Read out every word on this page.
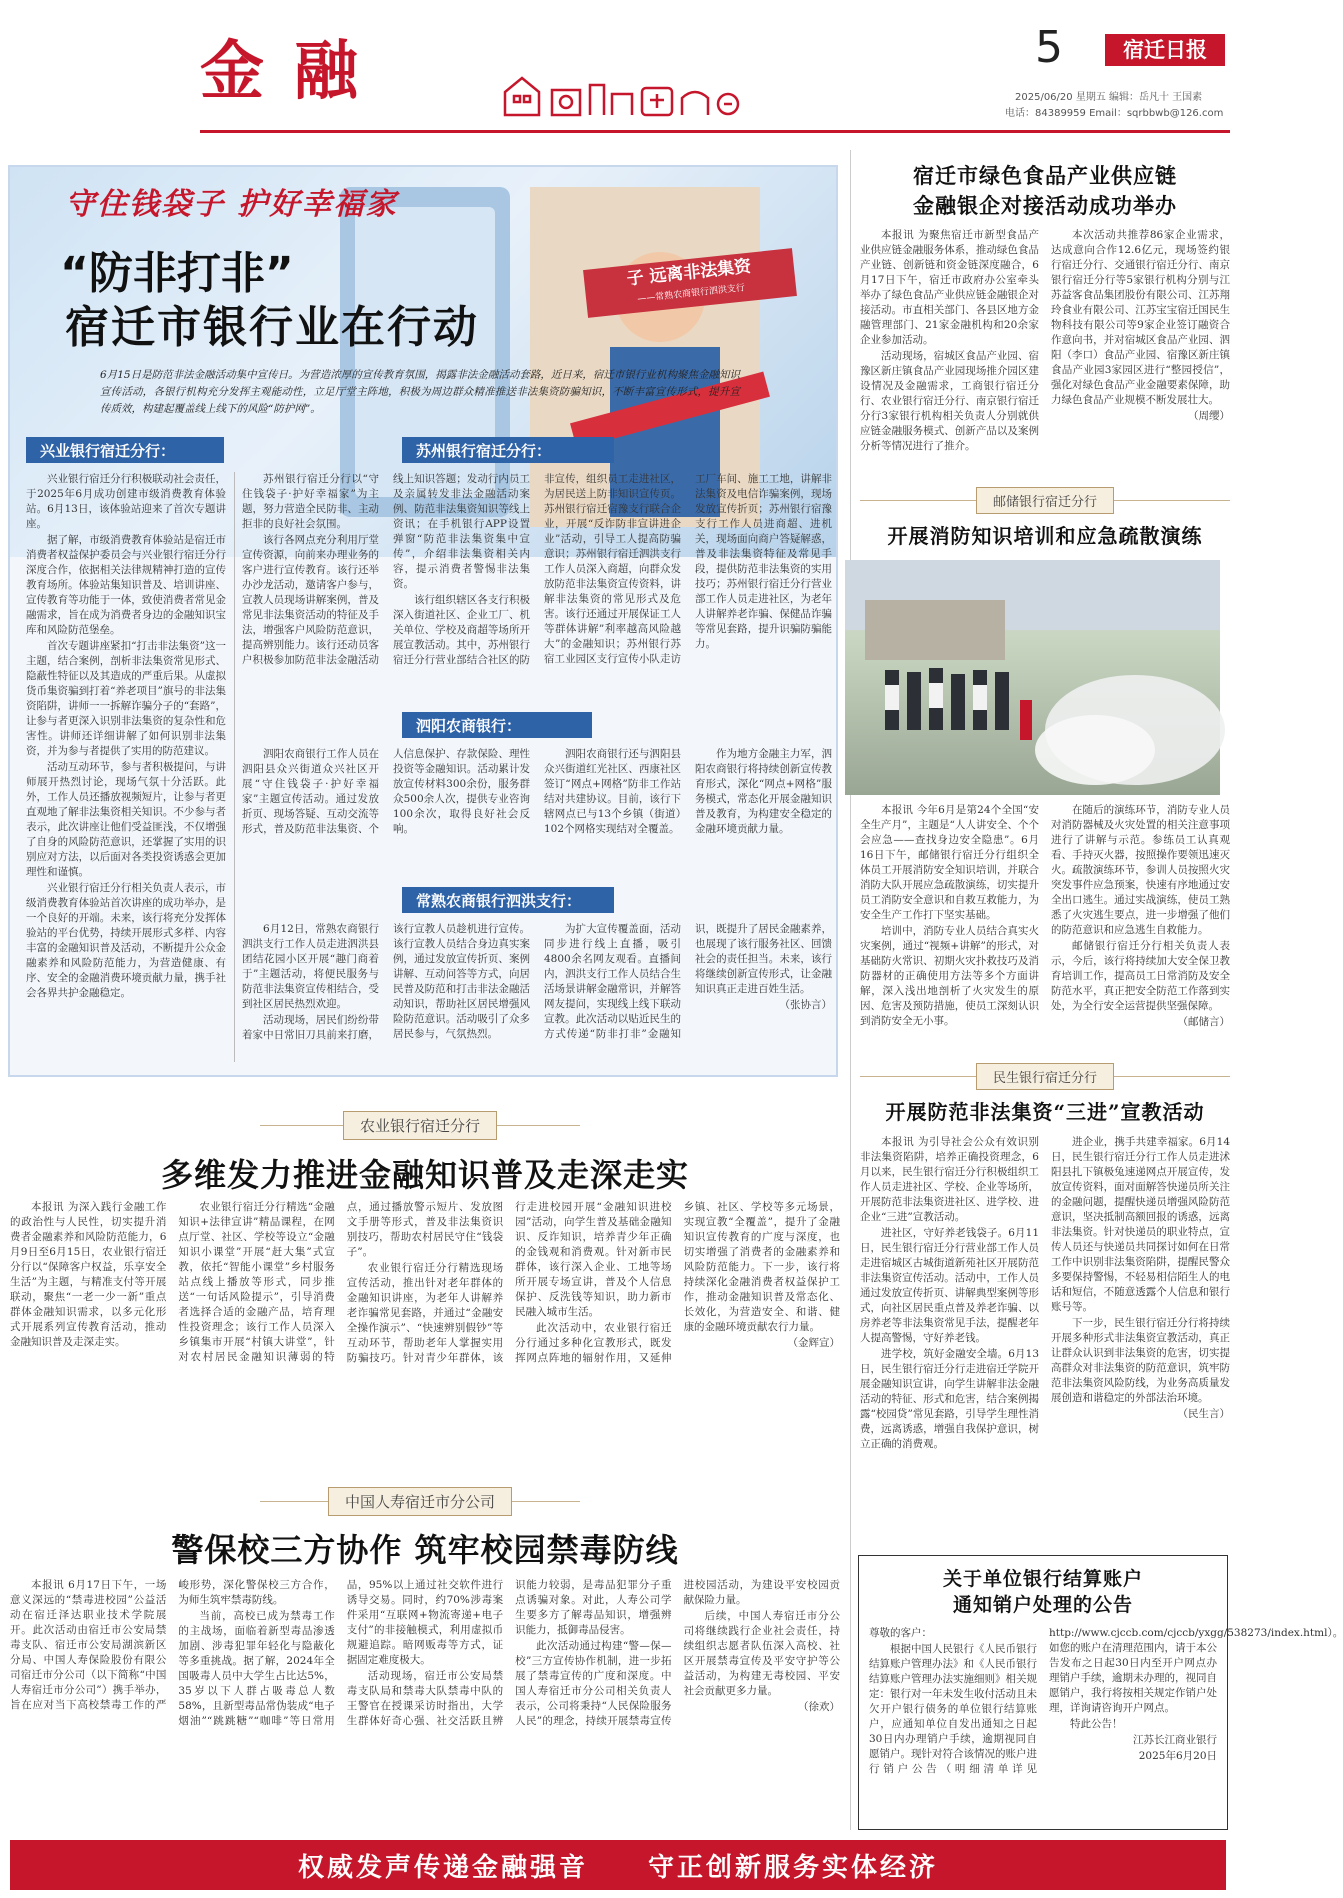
金融	5	宿迁日报
2025/06/20 星期五 编辑：岳凡十 王国素
电话：84389959 Email：sqrbbwb@126.com
守住钱袋子 护好幸福家
“防非打非”
宿迁市银行业在行动
子 远离非法集资
——常熟农商银行泗洪支行
6月15日是防范非法金融活动集中宣传日。为营造浓厚的宣传教育氛围，揭露非法金融活动套路，近日来，宿迁市银行业机构聚焦金融知识宣传活动，各银行机构充分发挥主观能动性，立足厅堂主阵地，积极为周边群众精准推送非法集资防骗知识，不断丰富宣传形式，提升宣传质效，构建起覆盖线上线下的风险“防护网”。
兴业银行宿迁分行：	苏州银行宿迁分行：
泗阳农商银行：
常熟农商银行泗洪支行：

兴业银行宿迁分行积极联动社会责任，于2025年6月成功创建市级消费教育体验站。6月13日，该体验站迎来了首次专题讲座。

据了解，市级消费教育体验站是宿迁市消费者权益保护委员会与兴业银行宿迁分行深度合作，依据相关法律规精神打造的宣传教育场所。体验站集知识普及、培训讲座、宣传教育等功能于一体，致使消费者常见金融需求，旨在成为消费者身边的金融知识宝库和风险防范堡垒。

首次专题讲座紧扣“打击非法集资”这一主题，结合案例，剖析非法集资常见形式、隐蔽性特征以及其造成的严重后果。从虚拟货币集资骗到打着“养老项目”旗号的非法集资陷阱，讲师一一拆解诈骗分子的“套路”，让参与者更深入识别非法集资的复杂性和危害性。讲师还详细讲解了如何识别非法集资，并为参与者提供了实用的防范建议。

活动互动环节，参与者积极提问，与讲师展开热烈讨论，现场气氛十分活跃。此外，工作人员还播放视频短片，让参与者更直观地了解非法集资相关知识。不少参与者表示，此次讲座让他们受益匪浅，不仅增强了自身的风险防范意识，还掌握了实用的识别应对方法，以后面对各类投资诱惑会更加理性和谨慎。

兴业银行宿迁分行相关负责人表示，市级消费教育体验站首次讲座的成功举办，是一个良好的开端。未来，该行将充分发挥体验站的平台优势，持续开展形式多样、内容丰富的金融知识普及活动，不断提升公众金融素养和风险防范能力，为营造健康、有序、安全的金融消费环境贡献力量，携手社会各界共护金融稳定。

苏州银行宿迁分行以“守住钱袋子·护好幸福家”为主题，努力营造全民防非、主动拒非的良好社会氛围。

该行各网点充分利用厅堂宣传资源，向前来办理业务的客户进行宣传教育。该行还举办沙龙活动，邀请客户参与，宣教人员现场讲解案例，普及常见非法集资活动的特征及手法，增强客户风险防范意识，提高辨别能力。该行还动员客户积极参加防范非法金融活动线上知识答题；发动行内员工及亲属转发非法金融活动案例、防范非法集资知识等线上资讯；在手机银行APP设置弹窗“防范非法集资集中宣传”，介绍非法集资相关内容，提示消费者警惕非法集资。

该行组织辖区各支行积极深入街道社区、企业工厂、机关单位、学校及商超等场所开展宣教活动。其中，苏州银行宿迁分行营业部结合社区的防非宣传，组织员工走进社区，为居民送上防非知识宣传页。苏州银行宿迁宿豫支行联合企业，开展“反诈防非宣讲进企业”活动，引导工人提高防骗意识；苏州银行宿迁泗洪支行工作人员深入商超，向群众发放防范非法集资宣传资料，讲解非法集资的常见形式及危害。该行还通过开展保证工人等群体讲解”利率越高风险越大”的金融知识；苏州银行苏宿工业园区支行宣传小队走访工厂车间、施工工地，讲解非法集资及电信诈骗案例，现场发放宣传折页；苏州银行宿豫支行工作人员进商超、进机关，现场面向商户答疑解惑，普及非法集资特征及常见手段，提供防范非法集资的实用技巧；苏州银行宿迁分行营业部工作人员走进社区，为老年人讲解养老诈骗、保健品诈骗等常见套路，提升识骗防骗能力。

泗阳农商银行工作人员在泗阳县众兴街道众兴社区开展“守住钱袋子·护好幸福家”主题宣传活动。通过发放折页、现场答疑、互动交流等形式，普及防范非法集资、个人信息保护、存款保险、理性投资等金融知识。活动累计发放宣传材料300余份，服务群众500余人次，提供专业咨询100余次，取得良好社会反响。

泗阳农商银行还与泗阳县众兴街道红光社区、西康社区签订“网点+网格”防非工作站结对共建协议。目前，该行下辖网点已与13个乡镇（街道）102个网格实现结对全覆盖。

作为地方金融主力军，泗阳农商银行将持续创新宣传教育形式，深化“网点+网格”服务模式，常态化开展金融知识普及教育，为构建安全稳定的金融环境贡献力量。

6月12日，常熟农商银行泗洪支行工作人员走进泗洪县团结花园小区开展“趣门商着于”主题活动，将便民服务与防范非法集资宣传相结合，受到社区居民热烈欢迎。

活动现场，居民们纷纷带着家中日常旧刀具前来打磨，该行宣教人员趁机进行宣传。该行宣教人员结合身边真实案例，通过发放宣传折页、案例讲解、互动问答等方式，向居民普及防范和打击非法金融活动知识，帮助社区居民增强风险防范意识。活动吸引了众多居民参与，气氛热烈。

为扩大宣传覆盖面，活动同步进行线上直播，吸引4800余名网友观看。直播间内，泗洪支行工作人员结合生活场景讲解金融常识，并解答网友提问，实现线上线下联动宣教。此次活动以贴近民生的方式传递“防非打非”金融知识，既提升了居民金融素养，也展现了该行服务社区、回馈社会的责任担当。未来，该行将继续创新宣传形式，让金融知识真正走进百姓生活。

（张协言）

农业银行宿迁分行
多维发力推进金融知识普及走深走实

本报讯 为深入践行金融工作的政治性与人民性，切实提升消费者金融素养和风险防范能力，6月9日至6月15日，农业银行宿迁分行以“保障客户权益，乐享安全生活”为主题，与精准支付等开展联动，聚焦“一老一少一新”重点群体金融知识需求，以多元化形式开展系列宣传教育活动，推动金融知识普及走深走实。

农业银行宿迁分行精选“金融知识+法律宣讲”精品课程，在网点厅堂、社区、学校等设立“金融知识小课堂”开展“赶大集”式宣教，依托“智能小课堂”乡村服务站点线上播放等形式，同步推送“一句话风险提示”，引导消费者选择合适的金融产品，培育理性投资理念；该行工作人员深入乡镇集市开展“村镇大讲堂”，针对农村居民金融知识薄弱的特点，通过播放警示短片、发放图文手册等形式，普及非法集资识别技巧，帮助农村居民守住“钱袋子”。

农业银行宿迁分行精选现场宣传活动，推出针对老年群体的金融知识讲座，为老年人讲解养老诈骗常见套路，并通过“金融安全操作演示”、“快速辨别假钞”等互动环节，帮助老年人掌握实用防骗技巧。针对青少年群体，该行走进校园开展“金融知识进校园”活动，向学生普及基础金融知识、反诈知识，培养青少年正确的金钱观和消费观。针对新市民群体，该行深入企业、工地等场所开展专场宣讲，普及个人信息保护、反洗钱等知识，助力新市民融入城市生活。

此次活动中，农业银行宿迁分行通过多种化宣教形式，既发挥网点阵地的辐射作用，又延伸乡镇、社区、学校等多元场景，实现宣教“全覆盖”，提升了金融知识宣传教育的广度与深度，也切实增强了消费者的金融素养和风险防范能力。下一步，该行将持续深化金融消费者权益保护工作，推动金融知识普及常态化、长效化，为营造安全、和谐、健康的金融环境贡献农行力量。

（金辉宣）

中国人寿宿迁市分公司
警保校三方协作 筑牢校园禁毒防线

本报讯 6月17日下午，一场意义深远的“禁毒进校园”公益活动在宿迁泽达职业技术学院展开。此次活动由宿迁市公安局禁毒支队、宿迁市公安局湖滨新区分局、中国人寿保险股份有限公司宿迁市分公司（以下简称“中国人寿宿迁市分公司”）携手举办，旨在应对当下高校禁毒工作的严峻形势，深化警保校三方合作，为师生筑牢禁毒防线。

当前，高校已成为禁毒工作的主战场，面临着新型毒品渗透加剧、涉毒犯罪年轻化与隐蔽化等多重挑战。据了解，2024年全国吸毒人员中大学生占比达5%，35岁以下人群占吸毒总人数58%，且新型毒品常伪装成“电子烟油”“跳跳糖”“咖啡”等日常用品，95%以上通过社交软件进行诱导交易。同时，约70%涉毒案件采用“互联网+物流寄递+电子支付”的非接触模式，利用虚拟币规避追踪。暗网贩毒等方式，证据固定难度极大。

活动现场，宿迁市公安局禁毒支队局和禁毒大队禁毒中队的王警官在授课采访时指出，大学生群体好奇心强、社交活跃且辨识能力较弱，是毒品犯罪分子重点诱骗对象。对此，人寿公司学生要多方了解毒品知识，增强辨识能力，抵御毒品侵害。

此次活动通过构建“警—保—校”三方宣传协作机制，进一步拓展了禁毒宣传的广度和深度。中国人寿宿迁市分公司相关负责人表示，公司将秉持“人民保险服务人民”的理念，持续开展禁毒宣传进校园活动，为建设平安校园贡献保险力量。

后续，中国人寿宿迁市分公司将继续践行企业社会责任，持续组织志愿者队伍深入高校、社区开展禁毒宣传及平安守护等公益活动，为构建无毒校园、平安社会贡献更多力量。

（徐欢）

宿迁市绿色食品产业供应链
金融银企对接活动成功举办

本报讯 为聚焦宿迁市新型食品产业供应链金融服务体系，推动绿色食品产业链、创新链和资金链深度融合，6月17日下午，宿迁市政府办公室牵头举办了绿色食品产业供应链金融银企对接活动。市直相关部门、各县区地方金融管理部门、21家金融机构和20余家企业参加活动。

活动现场，宿城区食品产业园、宿豫区新庄镇食品产业园现场推介园区建设情况及金融需求，工商银行宿迁分行、农业银行宿迁分行、南京银行宿迁分行3家银行机构相关负责人分别就供应链金融服务模式、创新产品以及案例分析等情况进行了推介。

本次活动共推荐86家企业需求，达成意向合作12.6亿元，现场签约银行宿迁分行、交通银行宿迁分行、南京银行宿迁分行等5家银行机构分别与江苏益客食品集团股份有限公司、江苏翔玲食业有限公司、江苏宝宝宿迁国民生物科技有限公司等9家企业签订融资合作意向书，并对宿城区食品产业园、泗阳（李口）食品产业园、宿豫区新庄镇食品产业园3家园区进行“整园授信”，强化对绿色食品产业金融要素保障，助力绿色食品产业规模不断发展壮大。

（周缨）

邮储银行宿迁分行
开展消防知识培训和应急疏散演练

本报讯 今年6月是第24个全国“安全生产月”，主题是“人人讲安全、个个会应急——查找身边安全隐患”。6月16日下午，邮储银行宿迁分行组织全体员工开展消防安全知识培训，并联合消防大队开展应急疏散演练，切实提升员工消防安全意识和自救互救能力，为安全生产工作打下坚实基础。

培训中，消防专业人员结合真实火灾案例，通过“视频+讲解”的形式，对基础防火常识、初期火灾扑救技巧及消防器材的正确使用方法等多个方面讲解，深入浅出地剖析了火灾发生的原因、危害及预防措施，使员工深刻认识到消防安全无小事。

在随后的演练环节，消防专业人员对消防器械及火灾处置的相关注意事项进行了讲解与示范。参练员工认真观看、手持灭火器，按照操作要领迅速灭火。疏散演练环节，参训人员按照火灾突发事件应急预案，快速有序地通过安全出口逃生。通过实战演练，使员工熟悉了火灾逃生要点，进一步增强了他们的防范意识和应急逃生自救能力。

邮储银行宿迁分行相关负责人表示，今后，该行将持续加大安全保卫教育培训工作，提高员工日常消防及安全防范水平，真正把安全防范工作落到实处，为全行安全运营提供坚强保障。

（邮储言）

民生银行宿迁分行
开展防范非法集资“三进”宣教活动

本报讯 为引导社会公众有效识别非法集资陷阱，培养正确投资理念，6月以来，民生银行宿迁分行积极组织工作人员走进社区、学校、企业等场所，开展防范非法集资进社区、进学校、进企业“三进”宣教活动。

进社区，守好养老钱袋子。6月11日，民生银行宿迁分行营业部工作人员走进宿城区古城街道新苑社区开展防范非法集资宣传活动。活动中，工作人员通过发放宣传折页、讲解典型案例等形式，向社区居民重点普及养老诈骗、以房养老等非法集资常见手法，提醒老年人提高警惕，守好养老钱。

进学校，筑好金融安全墙。6月13日，民生银行宿迁分行走进宿迁学院开展金融知识宣讲，向学生讲解非法金融活动的特征、形式和危害，结合案例揭露“校园贷”常见套路，引导学生理性消费，远离诱惑，增强自我保护意识，树立正确的消费观。

进企业，携手共建幸福家。6月14日，民生银行宿迁分行工作人员走进沭阳县扎下镇极兔速递网点开展宣传，发放宣传资料，面对面解答快递员所关注的金融问题，提醒快递员增强风险防范意识，坚决抵制高额回报的诱惑，远离非法集资。针对快递员的职业特点，宣传人员还与快递员共同探讨如何在日常工作中识别非法集资陷阱，提醒民警众多要保持警惕，不轻易相信陌生人的电话和短信，不随意透露个人信息和银行账号等。

下一步，民生银行宿迁分行将持续开展多种形式非法集资宣教活动，真正让群众认识到非法集资的危害，切实提高群众对非法集资的防范意识，筑牢防范非法集资风险防线，为业务高质量发展创造和谐稳定的外部法治环境。

（民生言）

关于单位银行结算账户
通知销户处理的公告

尊敬的客户：

根据中国人民银行《人民币银行结算账户管理办法》和《人民币银行结算账户管理办法实施细则》相关规定：银行对一年未发生收付活动且未欠开户银行债务的单位银行结算账户，应通知单位自发出通知之日起30日内办理销户手续，逾期视同自愿销户。现针对符合该情况的账户进行销户公告（明细清单详见http://www.cjccb.com/cjccb/yxgg/538273/index.html）。如您的账户在清理范围内，请于本公告发布之日起30日内至开户网点办理销户手续，逾期未办理的，视同自愿销户，我行将按相关规定作销户处理，详询请咨询开户网点。

特此公告！

江苏长江商业银行

2025年6月20日

权威发声传递金融强音 守正创新服务实体经济
